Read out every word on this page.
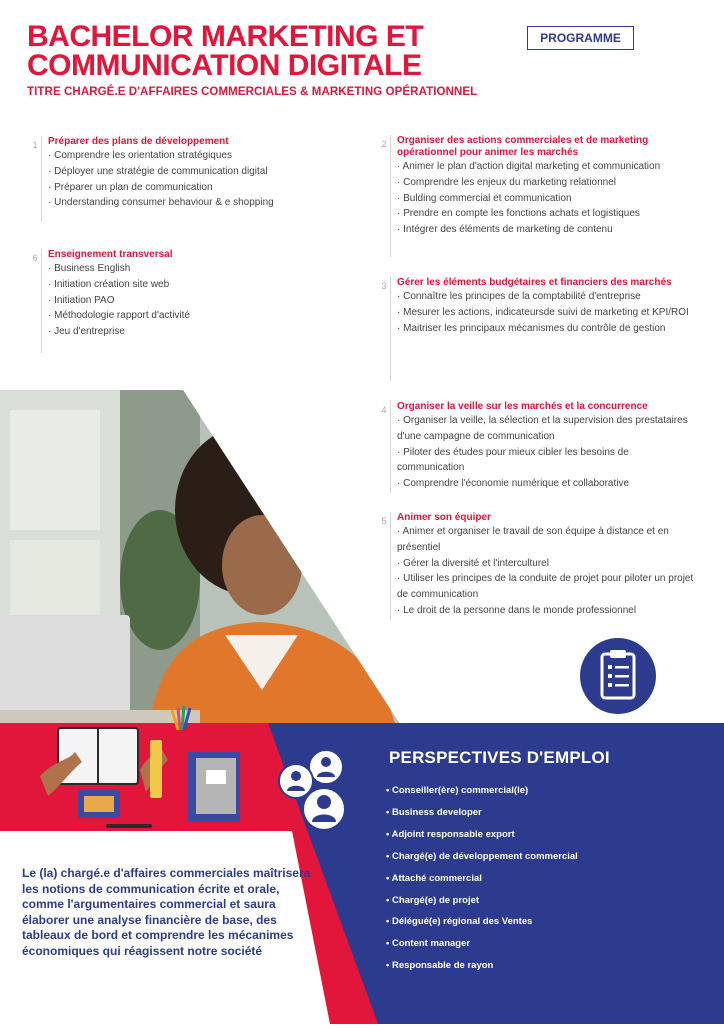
BACHELOR MARKETING ET
COMMUNICATION DIGITALE
TITRE CHARGÉ.E D'AFFAIRES COMMERCIALES & MARKETING OPÉRATIONNEL
PROGRAMME
1	Préparer des plans de développement
· Comprendre les orientation stratégiques
· Déployer une stratégie de communication digital
· Préparer un plan de communication
· Understanding consumer behaviour & e shopping
6	Enseignement transversal
· Business English
· Initiation création site web
· Initiation PAO
· Méthodologie rapport d'activité
· Jeu d'entreprise
2	Organiser des actions commerciales et de marketing opérationnel pour animer les marchés
· Animer le plan d'action digital marketing et communication
· Comprendre les enjeux du marketing relationnel
· Bulding commercial et communication
· Prendre en compte les fonctions achats et logistiques
· Intégrer des éléments de marketing de contenu
3	Gérer les éléments budgétaires et financiers des marchés
· Connaître les principes de la comptabilité d'entreprise
· Mesurer les actions, indicateursde suivi de marketing et KPI/ROI
· Maitriser les principaux mécanismes du contrôle de gestion
4	Organiser la veille sur les marchés et la concurrence
· Organiser la veille, la sélection et la supervision des prestataires d'une campagne de communication
· Piloter des études pour mieux cibler les besoins de communication
· Comprendre l'économie numérique et collaborative
5	Animer son équiper
· Animer et organiser le travail de son équipe à distance et en présentiel
· Gérer la diversité et l'interculturel
· Utiliser les principes de la conduite de projet pour piloter un projet de communication
· Le droit de la personne dans le monde professionnel
PERSPECTIVES D'EMPLOI
• Conseiller(ère) commercial(le)
• Business developer
• Adjoint responsable export
• Chargé(e) de développement commercial
• Attaché commercial
• Chargé(e) de projet
• Délégué(e) régional des Ventes
• Content manager
• Responsable de rayon
Le (la) chargé.e d'affaires commerciales maîtrisera les notions de communication écrite et orale, comme l'argumentaires commercial et saura élaborer une analyse financière de base, des tableaux de bord et comprendre les mécanimes économiques qui réagissent notre société
